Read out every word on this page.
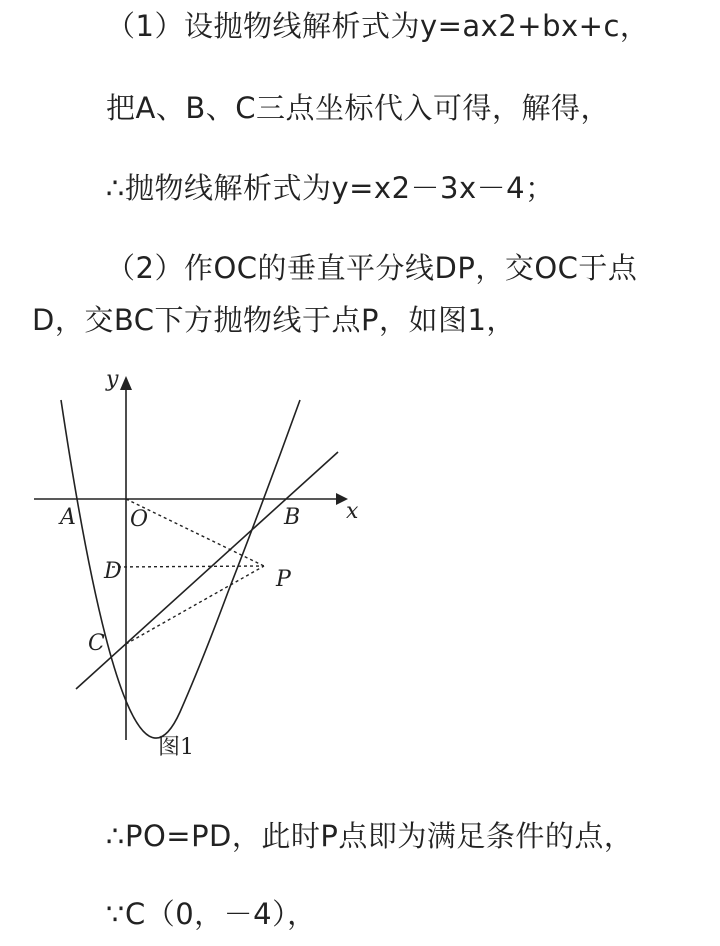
（1）设抛物线解析式为y=ax2+bx+c，
把A、B、C三点坐标代入可得，解得，
∴抛物线解析式为y=x2－3x－4；
（2）作OC的垂直平分线DP，交OC于点
D，交BC下方抛物线于点P，如图1，
y
x
A O	B
D	P
C
图1
∴PO=PD，此时P点即为满足条件的点，
∵C（0，－4），
